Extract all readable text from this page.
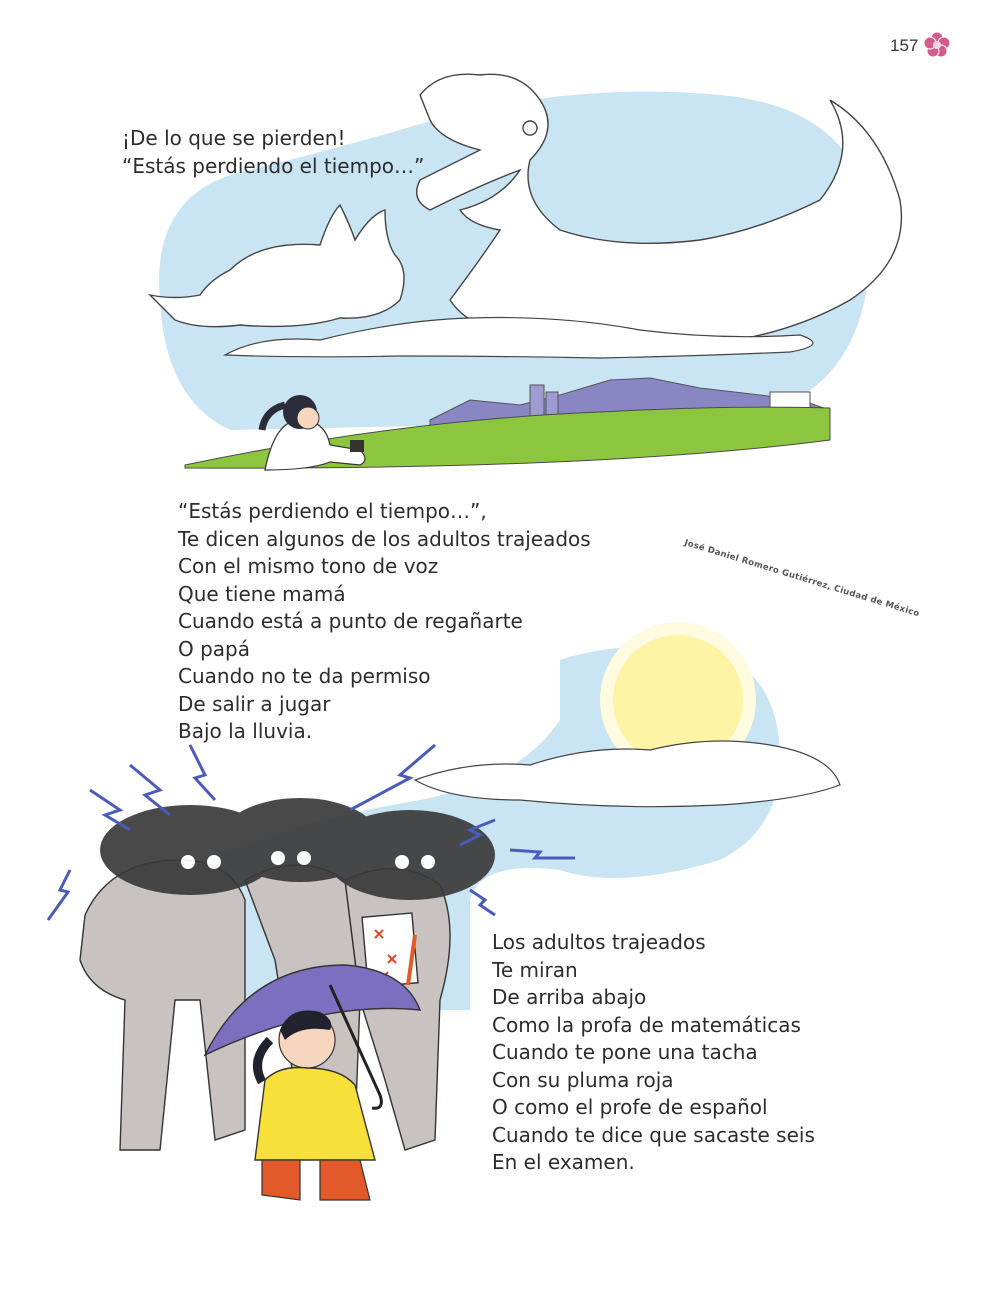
157
¡De lo que se pierden!
“Estás perdiendo el tiempo…”
“Estás perdiendo el tiempo…”,
Te dicen algunos de los adultos trajeados
Con el mismo tono de voz
Que tiene mamá
Cuando está a punto de regañarte
O papá
Cuando no te da permiso
De salir a jugar
Bajo la lluvia.
José Daniel Romero Gutiérrez, Ciudad de México
Los adultos trajeados
Te miran
De arriba abajo
Como la profa de matemáticas
Cuando te pone una tacha
Con su pluma roja
O como el profe de español
Cuando te dice que sacaste seis
En el examen.
